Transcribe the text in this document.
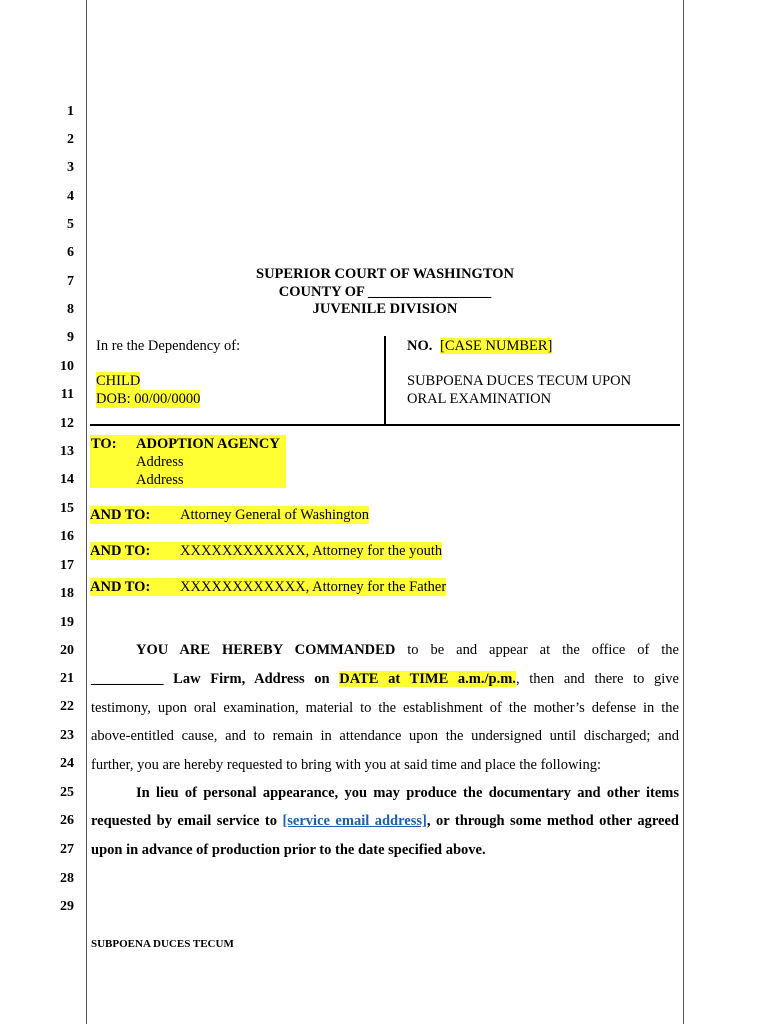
1
2
3
4
5
6
7
8
9
10
11
12
13
14
15
16
17
18
19
20
21
22
23
24
25
26
27
28
29
SUPERIOR COURT OF WASHINGTON
COUNTY OF _________________
JUVENILE DIVISION
In re the Dependency of:
CHILD
DOB: 00/00/0000
NO. [CASE NUMBER]
SUBPOENA DUCES TECUM UPON
ORAL EXAMINATION
TO: ADOPTION AGENCY
Address
Address
AND TO: Attorney General of Washington
AND TO: XXXXXXXXXXXX, Attorney for the youth
AND TO: XXXXXXXXXXXX, Attorney for the Father
YOU ARE HEREBY COMMANDED to be and appear at the office of the
__________ Law Firm, Address on DATE at TIME a.m./p.m., then and there to give
testimony, upon oral examination, material to the establishment of the mother’s defense in the
above-entitled cause, and to remain in attendance upon the undersigned until discharged; and
further, you are hereby requested to bring with you at said time and place the following:
In lieu of personal appearance, you may produce the documentary and other items
requested by email service to [service email address], or through some method other agreed
upon in advance of production prior to the date specified above.
SUBPOENA DUCES TECUM
